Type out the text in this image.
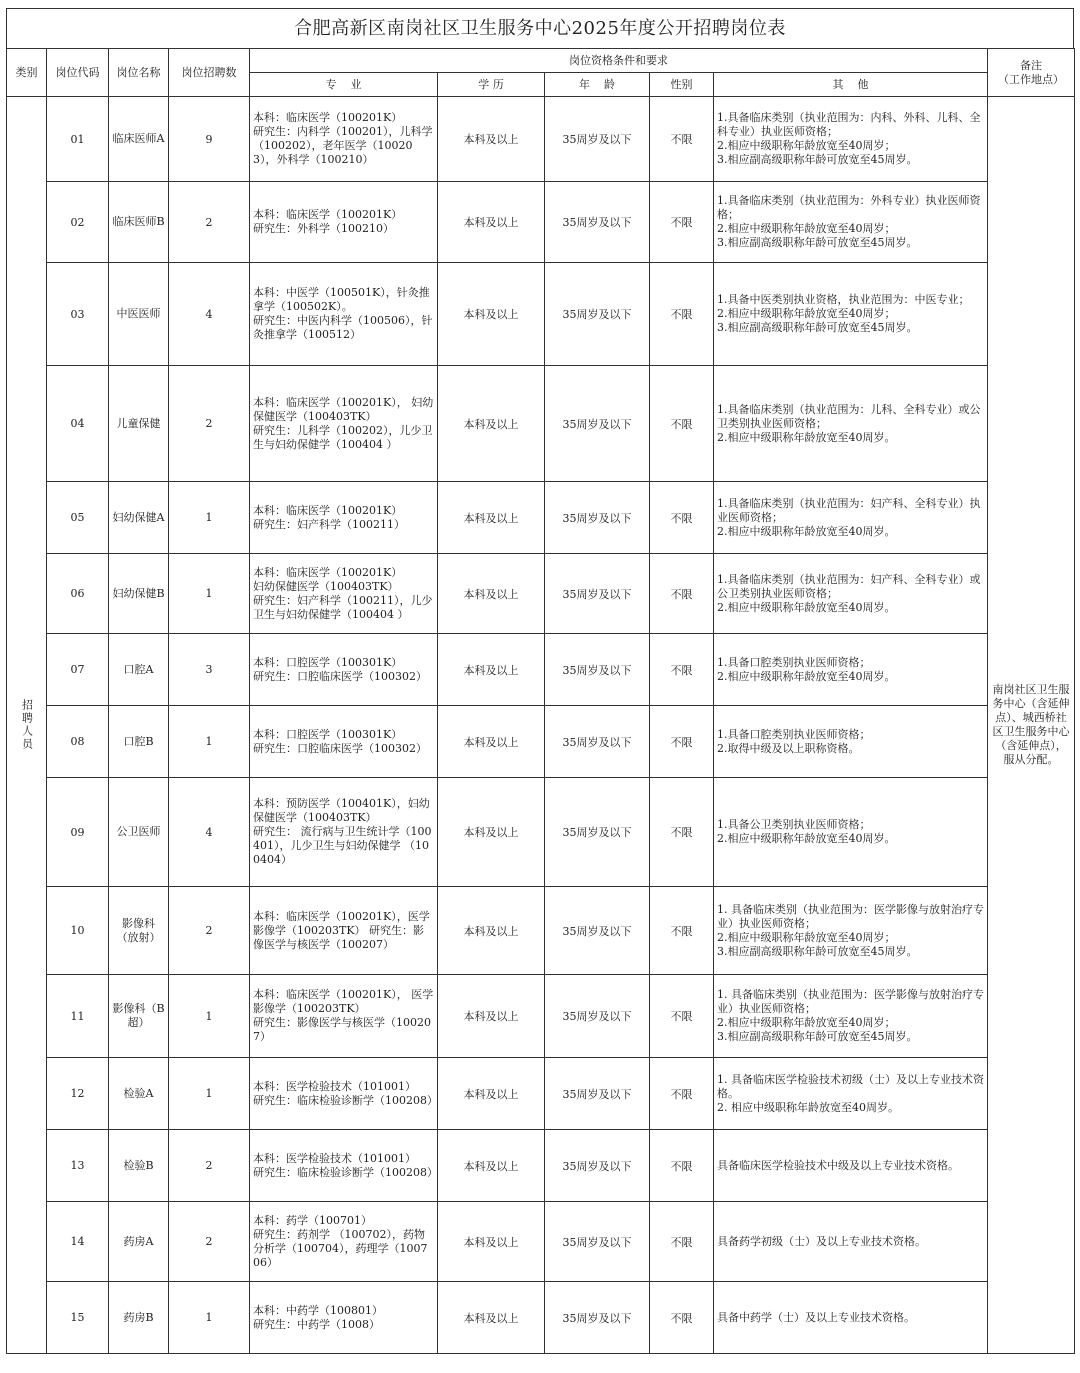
合肥高新区南岗社区卫生服务中心2025年度公开招聘岗位表
类别	岗位代码	岗位名称	岗位招聘数	岗位资格条件和要求					备注
（工作地点）
				专    业	学 历	年    龄	性别	其    他	

招聘人员	01	临床医师A	9	本科：临床医学（100201K）
研究生：内科学（100201），儿科学（100202），老年医学（100203），外科学（100210）	本科及以上	35周岁及以下	不限	1.具备临床类别（执业范围为：内科、外科、儿科、全科专业）执业医师资格；
2.相应中级职称年龄放宽至40周岁；
3.相应副高级职称年龄可放宽至45周岁。	南岗社区卫生服务中心（含延伸点）、城西桥社区卫生服务中心（含延伸点），服从分配。
	02	临床医师B	2	本科：临床医学（100201K）
研究生：外科学（100210）	本科及以上	35周岁及以下	不限	1.具备临床类别（执业范围为：外科专业）执业医师资格；
2.相应中级职称年龄放宽至40周岁；
3.相应副高级职称年龄可放宽至45周岁。	
	03	中医医师	4	本科：中医学（100501K），针灸推拿学（100502K）。
研究生：中医内科学（100506），针灸推拿学（100512）	本科及以上	35周岁及以下	不限	1.具备中医类别执业资格，执业范围为：中医专业；
2.相应中级职称年龄放宽至40周岁；
3.相应副高级职称年龄可放宽至45周岁。	
	04	儿童保健	2	本科：临床医学（100201K）， 妇幼保健医学（100403TK）
研究生：儿科学（100202），儿少卫生与妇幼保健学（100404 ）	本科及以上	35周岁及以下	不限	1.具备临床类别（执业范围为：儿科、全科专业）或公卫类别执业医师资格；
2.相应中级职称年龄放宽至40周岁。	
	05	妇幼保健A	1	本科：临床医学（100201K）
研究生：妇产科学（100211）	本科及以上	35周岁及以下	不限	1.具备临床类别（执业范围为：妇产科、全科专业）执业医师资格；
2.相应中级职称年龄放宽至40周岁。	
	06	妇幼保健B	1	本科：临床医学（100201K）
妇幼保健医学（100403TK）
研究生：妇产科学（100211），儿少卫生与妇幼保健学（100404 ）	本科及以上	35周岁及以下	不限	1.具备临床类别（执业范围为：妇产科、全科专业）或公卫类别执业医师资格；
2.相应中级职称年龄放宽至40周岁。	
	07	口腔A	3	本科：口腔医学（100301K）
研究生：口腔临床医学（100302）	本科及以上	35周岁及以下	不限	1.具备口腔类别执业医师资格；
2.相应中级职称年龄放宽至40周岁。	
	08	口腔B	1	本科：口腔医学（100301K）
研究生：口腔临床医学（100302）	本科及以上	35周岁及以下	不限	1.具备口腔类别执业医师资格；
2.取得中级及以上职称资格。	
	09	公卫医师	4	本科：预防医学（100401K），妇幼保健医学（100403TK）
研究生： 流行病与卫生统计学（100401），儿少卫生与妇幼保健学 （100404）	本科及以上	35周岁及以下	不限	1.具备公卫类别执业医师资格；
2.相应中级职称年龄放宽至40周岁。	
	10	影像科
（放射）	2	本科：临床医学（100201K），医学影像学（100203TK） 研究生：影像医学与核医学（100207）	本科及以上	35周岁及以下	不限	1. 具备临床类别（执业范围为：医学影像与放射治疗专业）执业医师资格；
2.相应中级职称年龄放宽至40周岁；
3.相应副高级职称年龄可放宽至45周岁。	
	11	影像科（B超）	1	本科：临床医学（100201K）， 医学影像学（100203TK）
研究生：影像医学与核医学（100207）	本科及以上	35周岁及以下	不限	1. 具备临床类别（执业范围为：医学影像与放射治疗专业）执业医师资格；
2.相应中级职称年龄放宽至40周岁；
3.相应副高级职称年龄可放宽至45周岁。	
	12	检验A	1	本科：医学检验技术（101001）
研究生：临床检验诊断学（100208）	本科及以上	35周岁及以下	不限	1. 具备临床医学检验技术初级（士）及以上专业技术资格。
2. 相应中级职称年龄放宽至40周岁。	
	13	检验B	2	本科：医学检验技术（101001）
研究生：临床检验诊断学（100208）	本科及以上	35周岁及以下	不限	具备临床医学检验技术中级及以上专业技术资格。	
	14	药房A	2	本科：药学（100701）
研究生：药剂学 （100702），药物分析学（100704），药理学（100706）	本科及以上	35周岁及以下	不限	具备药学初级（士）及以上专业技术资格。	
	15	药房B	1	本科：中药学（100801）
研究生：中药学（1008）	本科及以上	35周岁及以下	不限	具备中药学（士）及以上专业技术资格。	
